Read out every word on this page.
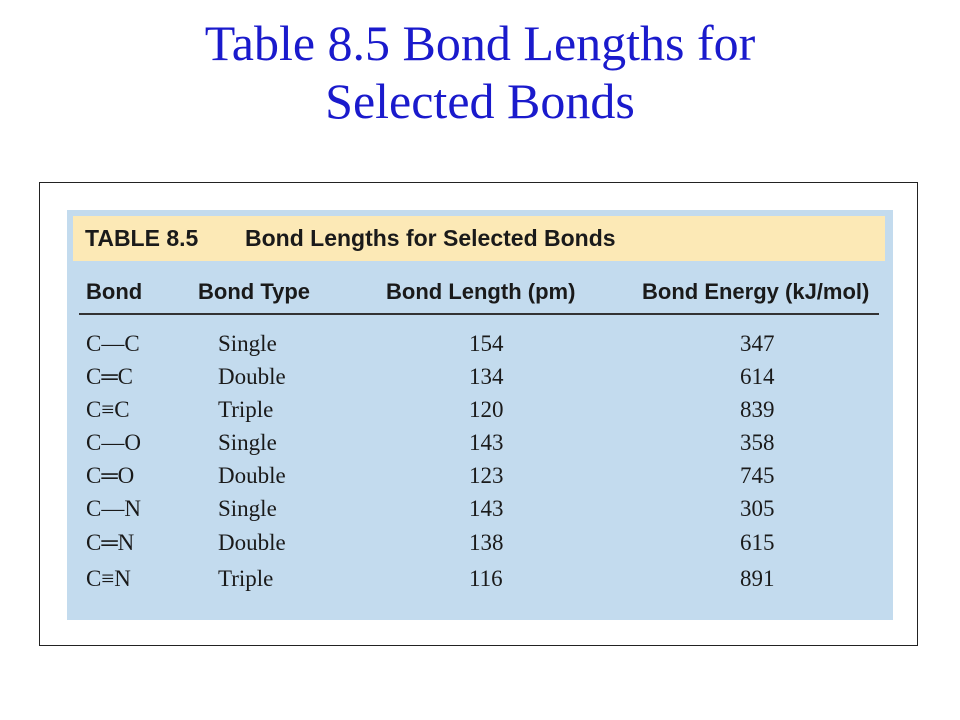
Table 8.5 Bond Lengths for
Selected Bonds
TABLE 8.5 Bond Lengths for Selected Bonds
Bond	Bond Type	Bond Length (pm)	Bond Energy (kJ/mol)
C—C	Single	154	347
C═C	Double	134	614
C≡C	Triple	120	839
C—O	Single	143	358
C═O	Double	123	745
C—N	Single	143	305
C═N	Double	138	615
C≡N	Triple	116	891
